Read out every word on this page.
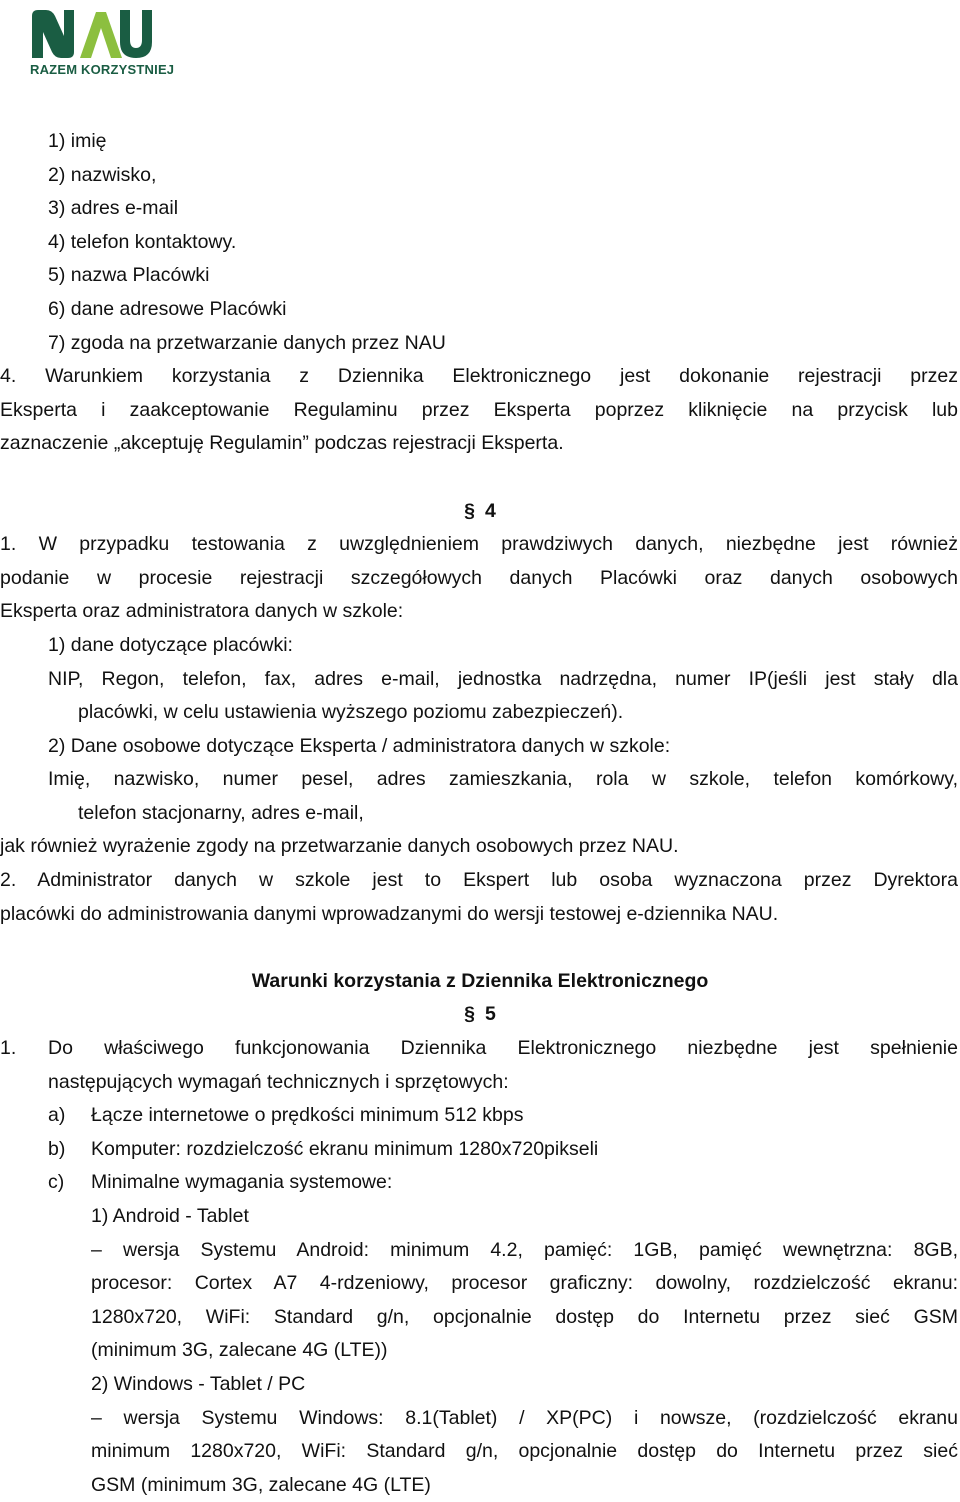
RAZEM KORZYSTNIEJ
1) imię
2) nazwisko,
3) adres e-mail
4) telefon kontaktowy.
5) nazwa Placówki
6) dane adresowe Placówki
7) zgoda na przetwarzanie danych przez NAU
4. Warunkiem korzystania z Dziennika Elektronicznego jest dokonanie rejestracji przez
Eksperta i zaakceptowanie Regulaminu przez Eksperta poprzez kliknięcie na przycisk lub
zaznaczenie „akceptuję Regulamin” podczas rejestracji Eksperta.
§ 4
1. W przypadku testowania z uwzględnieniem prawdziwych danych, niezbędne jest również
podanie w procesie rejestracji szczegółowych danych Placówki oraz danych osobowych
Eksperta oraz administratora danych w szkole:
1) dane dotyczące placówki:
NIP, Regon, telefon, fax, adres e-mail, jednostka nadrzędna, numer IP(jeśli jest stały dla
placówki, w celu ustawienia wyższego poziomu zabezpieczeń).
2) Dane osobowe dotyczące Eksperta / administratora danych w szkole:
Imię, nazwisko, numer pesel, adres zamieszkania, rola w szkole, telefon komórkowy,
telefon stacjonarny, adres e-mail,
jak również wyrażenie zgody na przetwarzanie danych osobowych przez NAU.
2. Administrator danych w szkole jest to Ekspert lub osoba wyznaczona przez Dyrektora
placówki do administrowania danymi wprowadzanymi do wersji testowej e-dziennika NAU.
Warunki korzystania z Dziennika Elektronicznego
§ 5
1.	Do właściwego funkcjonowania Dziennika Elektronicznego niezbędne jest spełnienie
następujących wymagań technicznych i sprzętowych:
a) Łącze internetowe o prędkości minimum 512 kbps
b) Komputer: rozdzielczość ekranu minimum 1280x720pikseli
c) Minimalne wymagania systemowe:
1) Android - Tablet
– wersja Systemu Android: minimum 4.2, pamięć: 1GB, pamięć wewnętrzna: 8GB,
procesor: Cortex A7 4-rdzeniowy, procesor graficzny: dowolny, rozdzielczość ekranu:
1280x720, WiFi: Standard g/n, opcjonalnie dostęp do Internetu przez sieć GSM
(minimum 3G, zalecane 4G (LTE))
2) Windows - Tablet / PC
– wersja Systemu Windows: 8.1(Tablet) / XP(PC) i nowsze, (rozdzielczość ekranu
minimum 1280x720, WiFi: Standard g/n, opcjonalnie dostęp do Internetu przez sieć
GSM (minimum 3G, zalecane 4G (LTE)
